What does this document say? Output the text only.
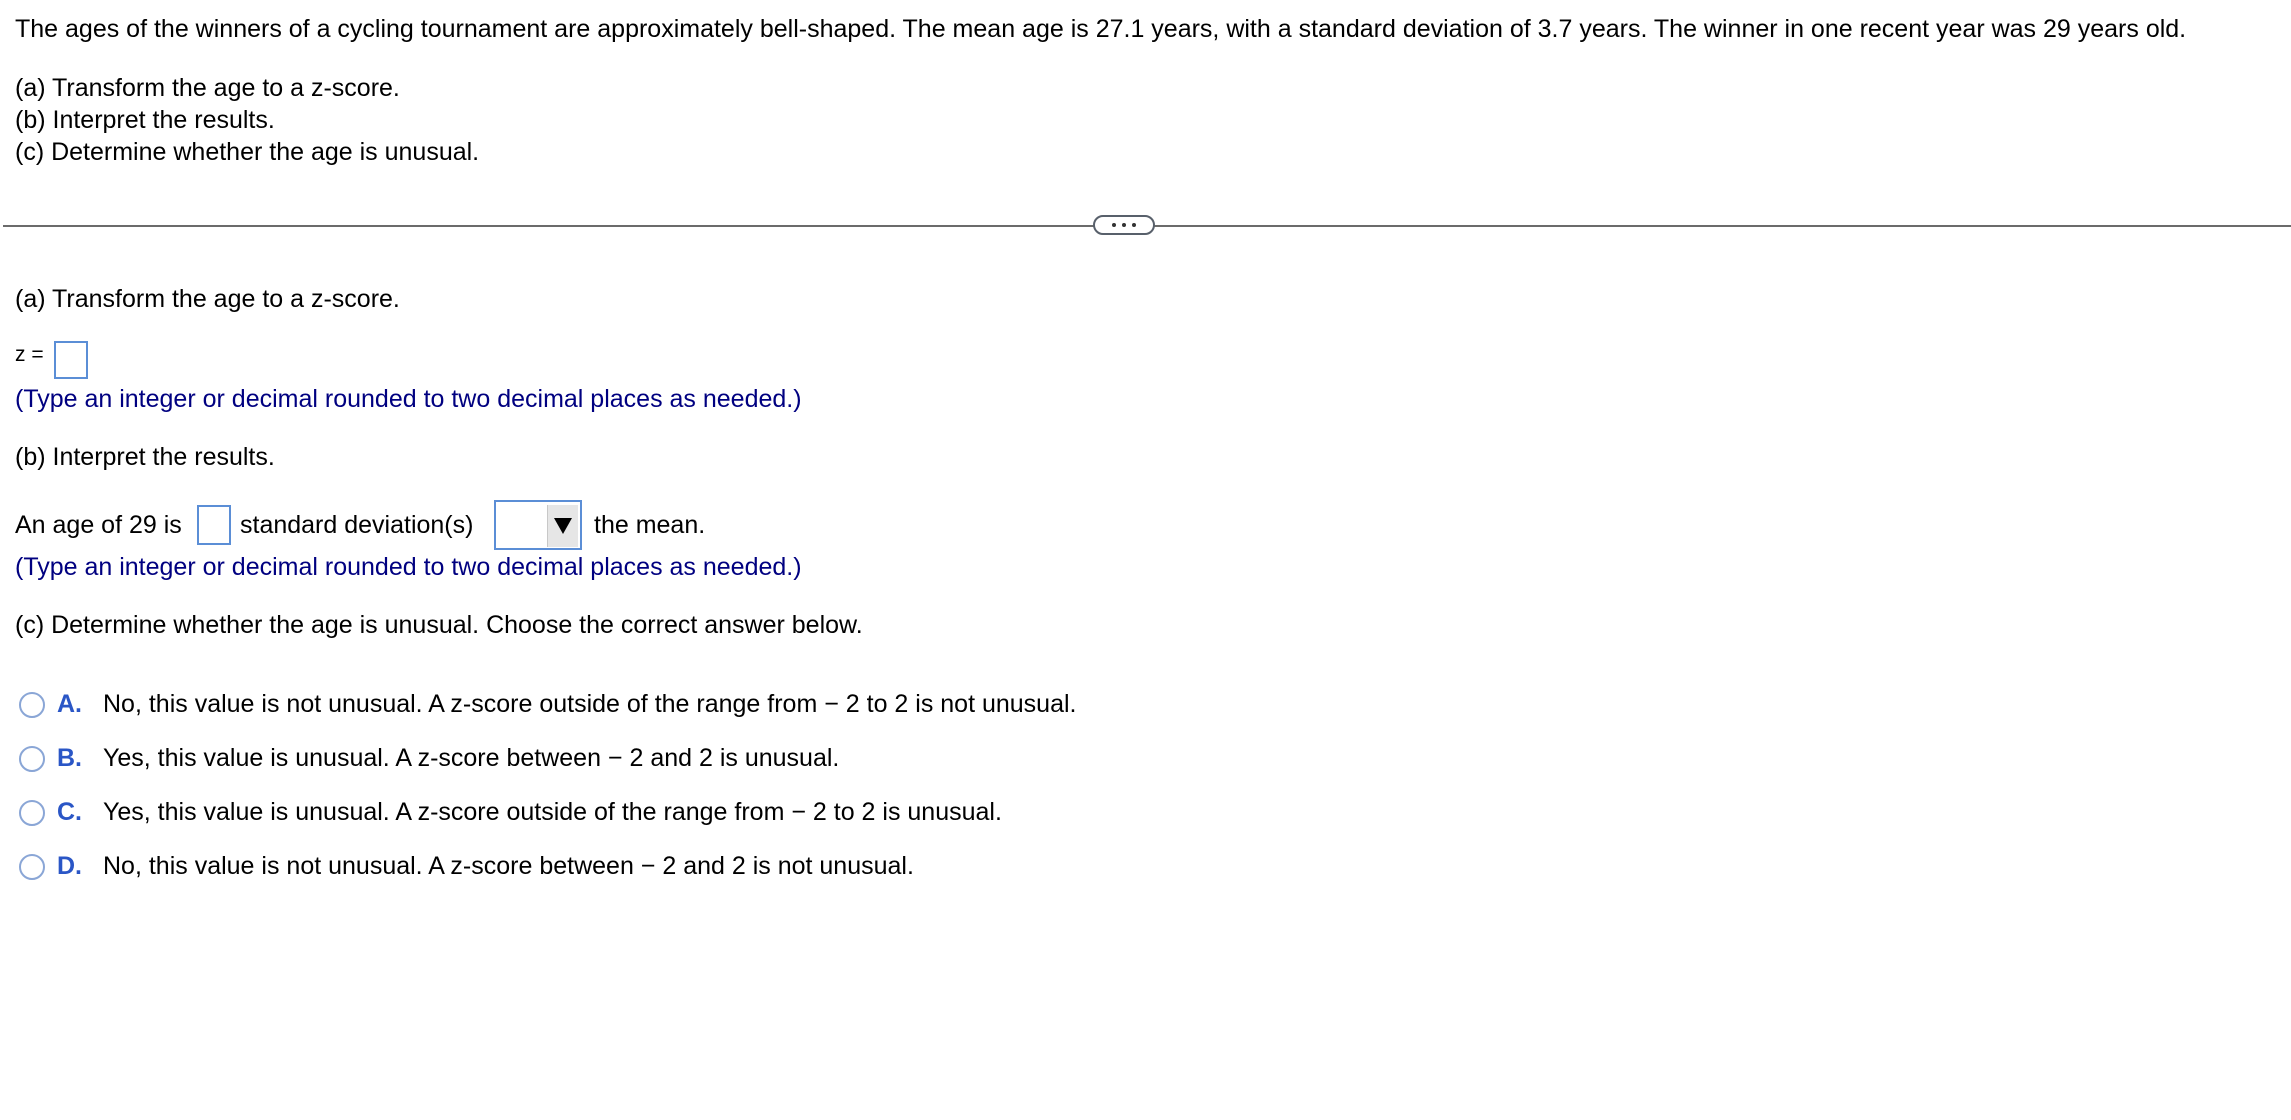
The ages of the winners of a cycling tournament are approximately bell-shaped. The mean age is 27.1 years, with a standard deviation of 3.7 years. The winner in one recent year was 29 years old.
(a) Transform the age to a z-score.
(b) Interpret the results.
(c) Determine whether the age is unusual.
(a) Transform the age to a z-score.
z =
(Type an integer or decimal rounded to two decimal places as needed.)
(b) Interpret the results.
An age of 29 is standard deviation(s)	the mean.
(Type an integer or decimal rounded to two decimal places as needed.)
(c) Determine whether the age is unusual. Choose the correct answer below.
A. No, this value is not unusual. A z-score outside of the range from − 2 to 2 is not unusual.
B. Yes, this value is unusual. A z-score between − 2 and 2 is unusual.
C. Yes, this value is unusual. A z-score outside of the range from − 2 to 2 is unusual.
D. No, this value is not unusual. A z-score between − 2 and 2 is not unusual.
